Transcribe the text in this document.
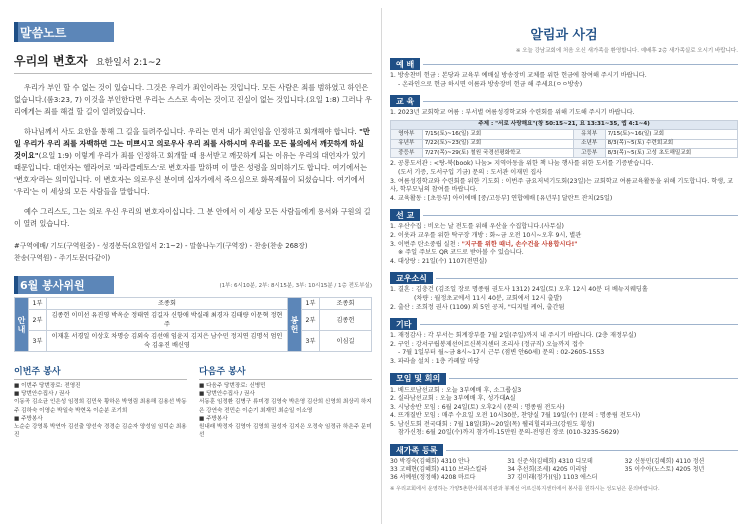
말씀노트
우리의 변호자 요한일서 2:1~2

우리가 부인 할 수 없는 것이 있습니다. 그것은 우리가 죄인이라는 것입니다. 모든 사람은 죄를 범하였고 하인은 없습니다.(롬3:23, 7) 이것을 부인한다면 우리는 스스로 속이는 것이고 진실이 없는 것입니다.(요일 1:8) 그러나 우리에게는 죄를 해결 할 길이 열려있습니다.

하나님께서 사도 요한을 통해 그 길을 들려주십니다. 우리는 먼저 내가 죄인임을 인정하고 회개해야 합니다. "만일 우리가 우리 죄를 자백하면 그는 미쁘시고 의로우사 우리 죄를 사하시며 우리를 모든 불의에서 깨끗하게 하실 것이요"(요일 1:9) 이렇게 우리가 죄를 인정하고 회개할 때 용서받고 깨끗하게 되는 이유는 우리의 대언자가 있기 때문입니다. 대언자는 헬라어로 '파라클레토스'로 변호자를 말하며 이 말은 성령을 의미하기도 합니다. 여기에서는 '변호자'라는 의미입니다. 이 변호자는 의로우신 분이며 십자가에서 죽으심으로 화목제물이 되셨습니다. 여기에서 '우리'는 이 세상의 모든 사람들을 말합니다.

예수 그리스도, 그는 의로 우신 우리의 변호자이십니다. 그 분 안에서 이 세상 모든 사람들에게 용서와 구원의 길이 열려 있습니다.

#구역예배/ 기도(구역원중) - 성경봉독(요한일서 2:1~2) - 말씀나누기(구역장) - 찬송(찬송 268장)
찬송(구역원) - 주기도문(다같이)
6월 봉사위원	(1부: 6시10분, 2부: 8시15분, 3부: 10시15분 / 1층 전도부실)
안내	1부	조종회	봉헌	1부	조종회
	2부	김종헌 이미선 유진영 박옥순 정태연 김길자 신항애 박실래 최경자 김태량 이문혁 정현주		2부	김종헌
	3부	이재훈 서경일 이상호 차명승 김외숙 김선애 임윤지 김지은 남수민 정지연 김명석 엄인숙 김유진 배신영		3부	이심길
이번주 봉사

■ 이번주 당번장로: 전영진
■ 당번안수집사 / 권사
이동곡 김소균 인은성 임정희 김민욱 황하은 박영림 최용해 김용선 박동주 김하숙 이영순 박일숙 박현옥 이순분 조기희
■ 주방봉사
노순순 강영록 박연아 김선출 양선숙 경경순 김순자 양성임 임덕순 최용진

다음주 봉사

■ 다음주 당번장로: 신병민
■ 당번안수집사 / 권사
서동훈 임정환 김병구 류미경 김영숙 박은영 김산희 신영희 최상리 하지은 강연숙 전민순 이순기 최재민 최순일 이소영
■ 주방봉사
원내래 박정자 김영아 김영희 권성자 김지은 오정숙 임정규 하은주 문미선

알림과 사검
※ 오늘 강남교회에 처음 오신 새가족을 환영합니다. 예배후 2층 새가족실로 오시기 바랍니다.
예 배
1. 방송찬비 헌금 : 본당과 교육부 예배실 방송장비 교체를 위한 헌금에 참여해 주시기 바랍니다.
- 온라인으로 헌금 하시면 이름과 방송장비 헌금 해 주세요(ㅇㅇ방송)
교 육
1. 2023년 교회학교 여름 : 부서별 여름성경학교와 수련회를 위해 기도해 주시기 바랍니다.
주제 : "서로 사랑해요"(창 50:15~21, 요 13:31~35, 엡 4:1~4)			
영아부	7/15(토)~16(일) 교회	유치부	7/15(토)~16(일) 교회
유년부	7/22(토)~23(일) 교회	소년부	8/3(목)~5(토) 수련회교회
중등부	7/27(목)~29(토) 철원 국경선평화학교	고등부	8/3(목)~5(토) 고성 초도해밀교회
2. 공룡도서관 : <탕-북(book) 나눔> 지역아동을 위한 책 나눔 행사를 위한 도서를 기증받습니다.
(도서 기증, 도서구입 기금) 문의 : 도서관 이재민 집사
3. 여름성경학교와 수련회를 위한 기도회 : 이번주 금요저녁기도회(23일)는 교회학교 여름교육활동을 위해 기도합니다. 학생, 교사, 학부모님의 참여를 바랍니다.
4. 교육활동 : [초등부] 아이에배 [중/고등부] 연합예배 [유년부] 달란트 잔치(25일)
선 교
1. 우산수집 : 비오는 날 전도를 위해 우산을 수집합니다.(사무실)
2. 이웃과 교우를 위한 탁구장 개방 : 화~금 오전 10시~오후 9시, 별관
3. 이번주 탄소중립 실천 : "지구를 위한 때너, 손수건을 사용합시다!"
※ 주일 주보도 QR 코드로 받아볼 수 있습니다.
4. 대상랑 : 21일(수) 1107(전면실)
교우소식
1. 결혼 : 김충건 (김조일 장로 명종림 권도사 1312) 24일(토) 오후 12시 40분 더 베뉴지웨딩홀
(차량 : 월정초교에서 11시 40분, 교회에서 12시 출발)
2. 출산 : 조희정 권사 (1109) 외 5인 공저, "디지털 케어, 출간됨
기타
1. 재정감사 : 각 부서는 회계장부를 7월 2일(주일)까지 내 주시기 바랍니다. (2층 재정부실)
2. 구인 : 강서구립봉제선어르신복지센터 조리사 (정규직) 오늘까지 접수
- 7월 1일부터 월~금 8시~17시 근무 (점변 안60세) 문의 : 02-2605-1553
3. 파라솔 설치 : 1층 카페앞 마당
모임 및 회의
1. 베드로남선교회 : 오늘 3부예배 후, 소그룹실3
2. 실라남선교회 : 오늘 3부예배 후, 성가대A실
3. 시낭송반 모임 : 6월 24일(토) 오후2시 (문의 : 명종림 전도사)
4. 뜨개질반 모임 : 매주 수요일 오전 10시30분, 찬양실 7월 19일(수) (문의 : 명종림 전도사)
5. 남신도회 전국대회 : 7월 18일(화)~20일(목) 웰리힐리파크(강원도 횡성)
참가신청: 6월 20일(수)까지 참가비-15만원 문의-전영진 장로 (010-3235-5629)
새가족 등록
30 박경숙(김혜희) 4310 안나	31 신준석(김혜희) 4310 디모데	32 신동민(김혜희) 4110 정션
33 고혜현(김혜희) 4110 브라스킬라	34 추선희(조세) 4205 미리암	35 이수아(노스토) 4205 청년
36 서예원(정정해) 4208 마르다	37 김미래(정가)(임) 1103 에스더
※ 우리교회에서 운영하는 가양5촌한사회복지관과 봉제선 어르신복지센터에서 봉사를 원하시는 성도님은 문의바랍니다.
